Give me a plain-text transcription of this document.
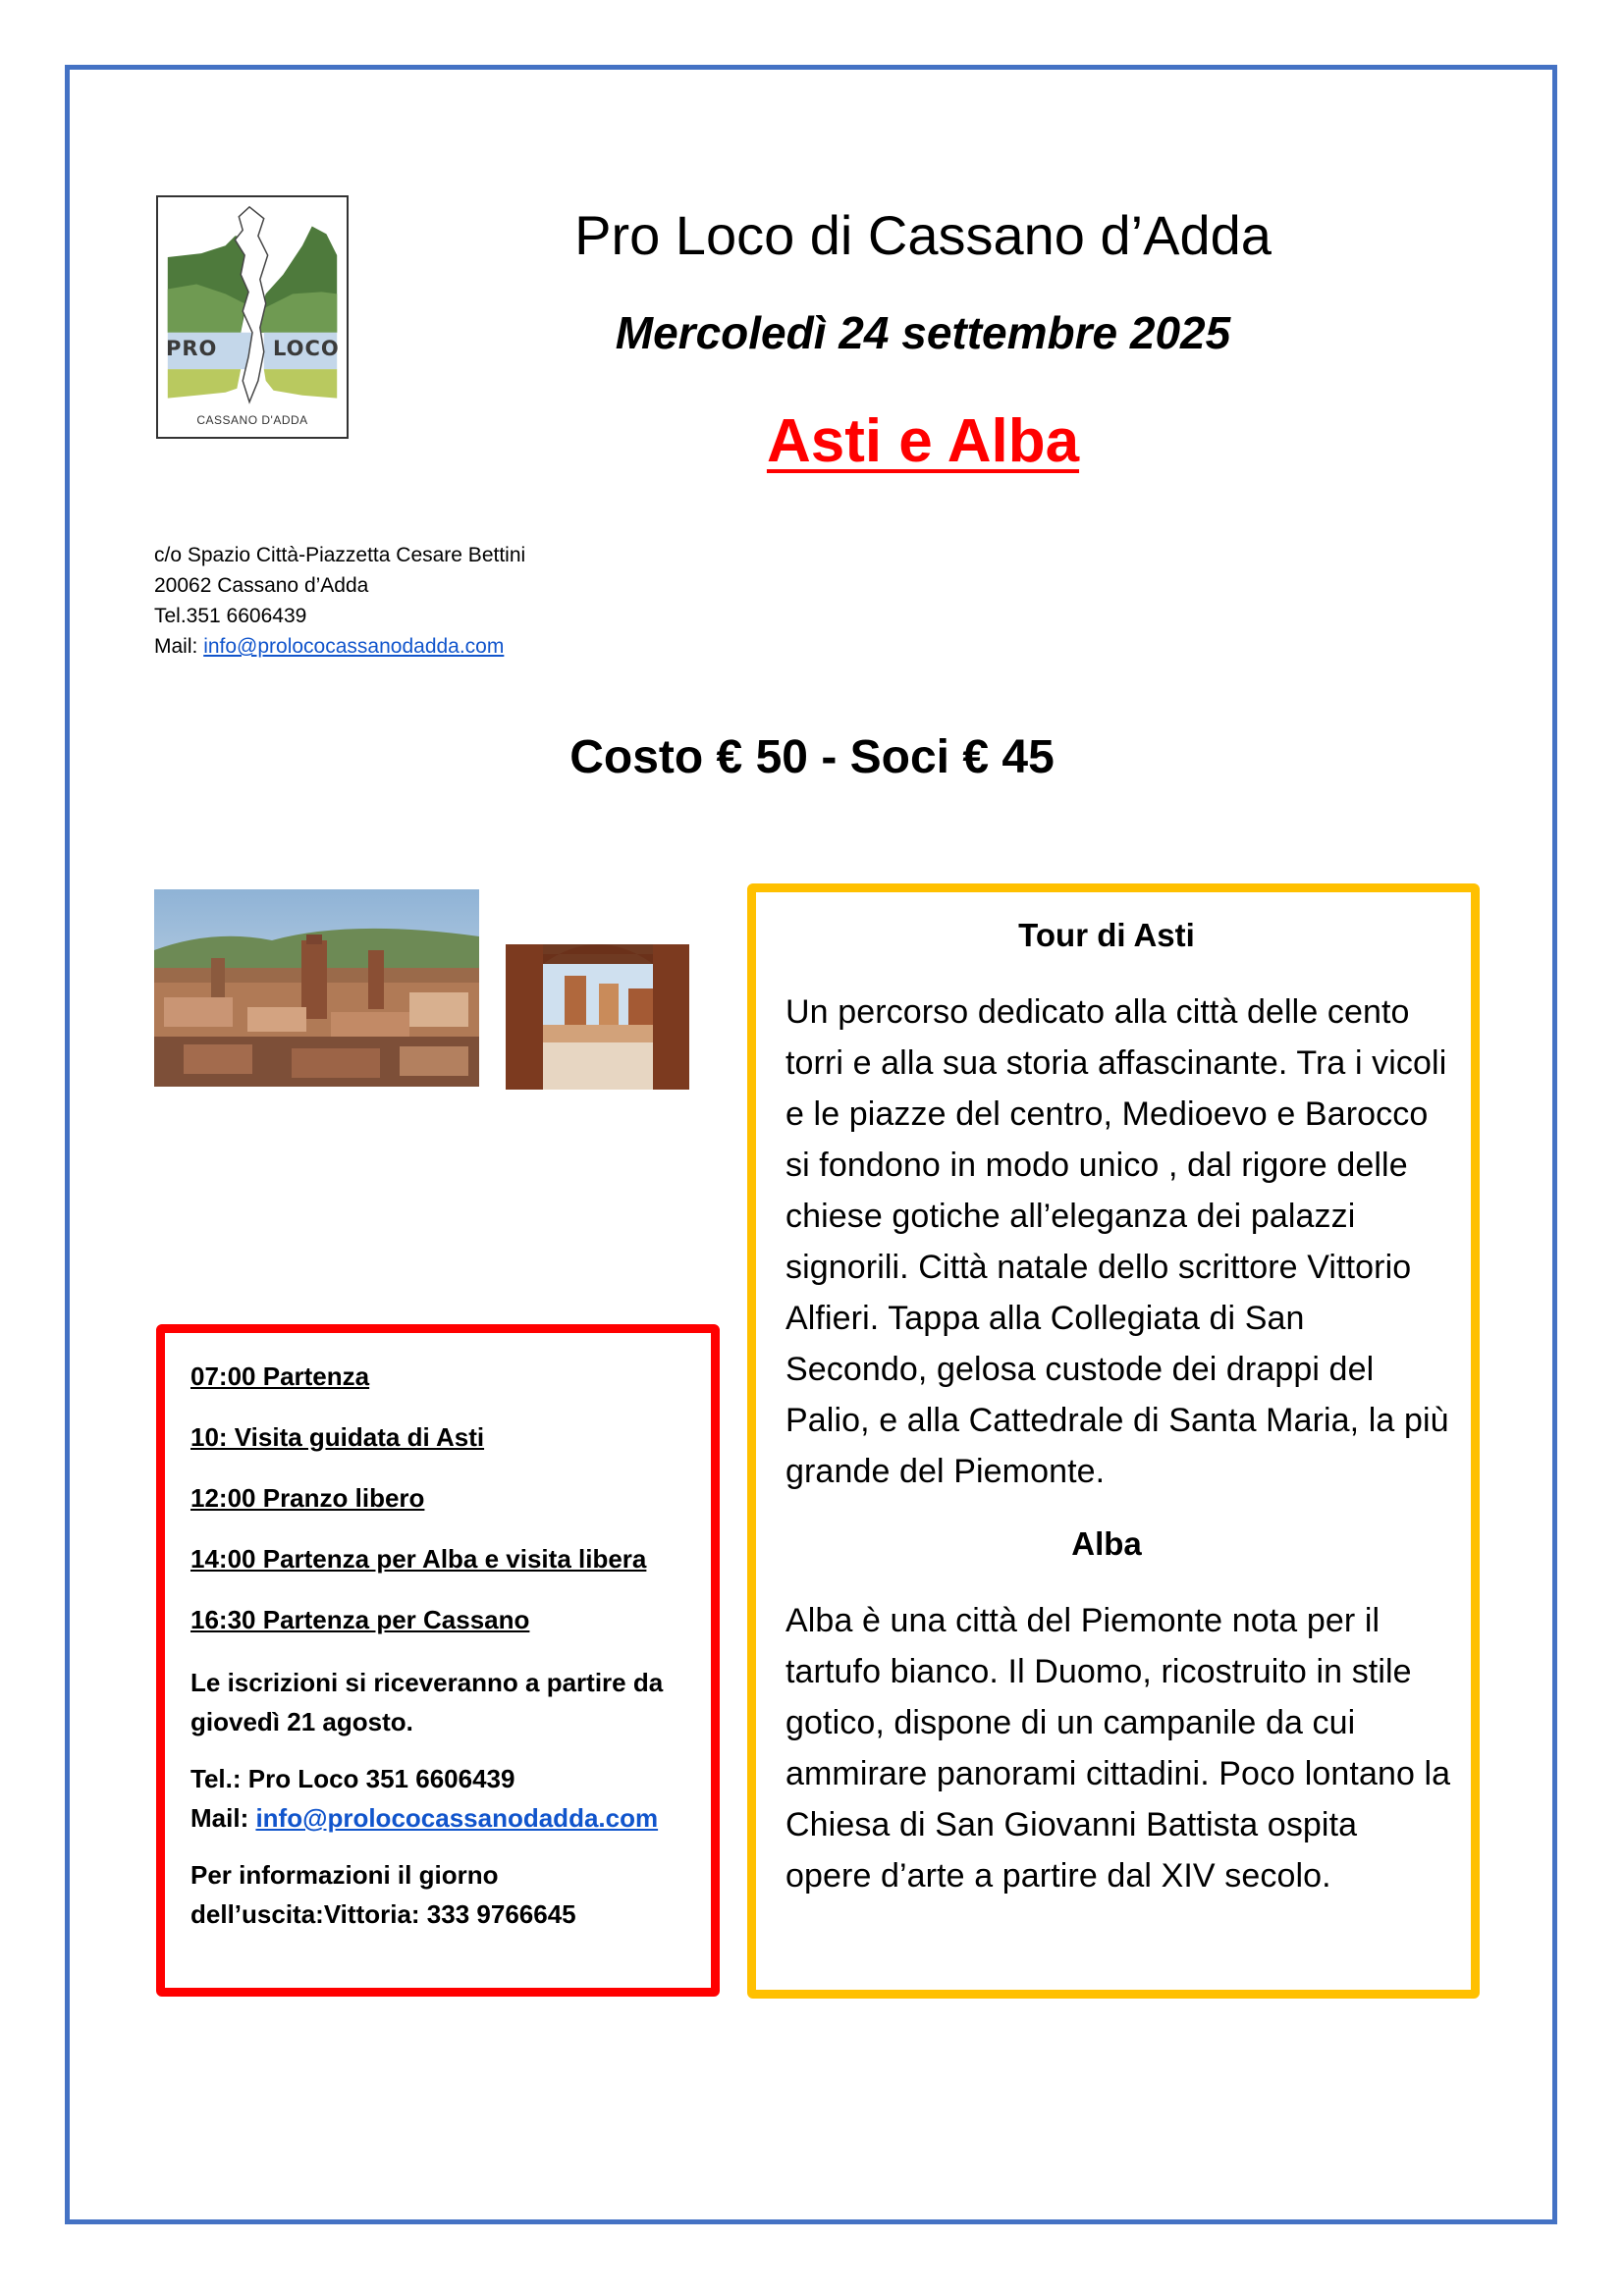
PRO	LOCO
CASSANO D'ADDA
Pro Loco di Cassano d’Adda
Mercoledì 24 settembre 2025
Asti e Alba
c/o Spazio Città-Piazzetta Cesare Bettini
20062 Cassano d’Adda
Tel.351 6606439
Mail: info@prolococassanodadda.com
Costo € 50 - Soci € 45
07:00 Partenza
10: Visita guidata di Asti
12:00 Pranzo libero
14:00 Partenza per Alba e visita libera
16:30 Partenza per Cassano
Le iscrizioni si riceveranno a partire da giovedì 21 agosto.
Tel.: Pro Loco 351 6606439
Mail: info@prolococassanodadda.com
Per informazioni il giorno dell’uscita:Vittoria: 333 9766645
Tour di Asti
Un percorso dedicato alla città delle cento torri e alla sua storia affascinante. Tra i vicoli e le piazze del centro, Medioevo e Barocco si fondono in modo unico , dal rigore delle chiese gotiche all’eleganza dei palazzi signorili. Città natale dello scrittore Vittorio Alfieri. Tappa alla Collegiata di San Secondo, gelosa custode dei drappi del Palio, e alla Cattedrale di Santa Maria, la più grande del Piemonte.
Alba
Alba è una città del Piemonte nota per il tartufo bianco. Il Duomo, ricostruito in stile gotico, dispone di un campanile da cui ammirare panorami cittadini. Poco lontano la Chiesa di San Giovanni Battista ospita opere d’arte a partire dal XIV secolo.
